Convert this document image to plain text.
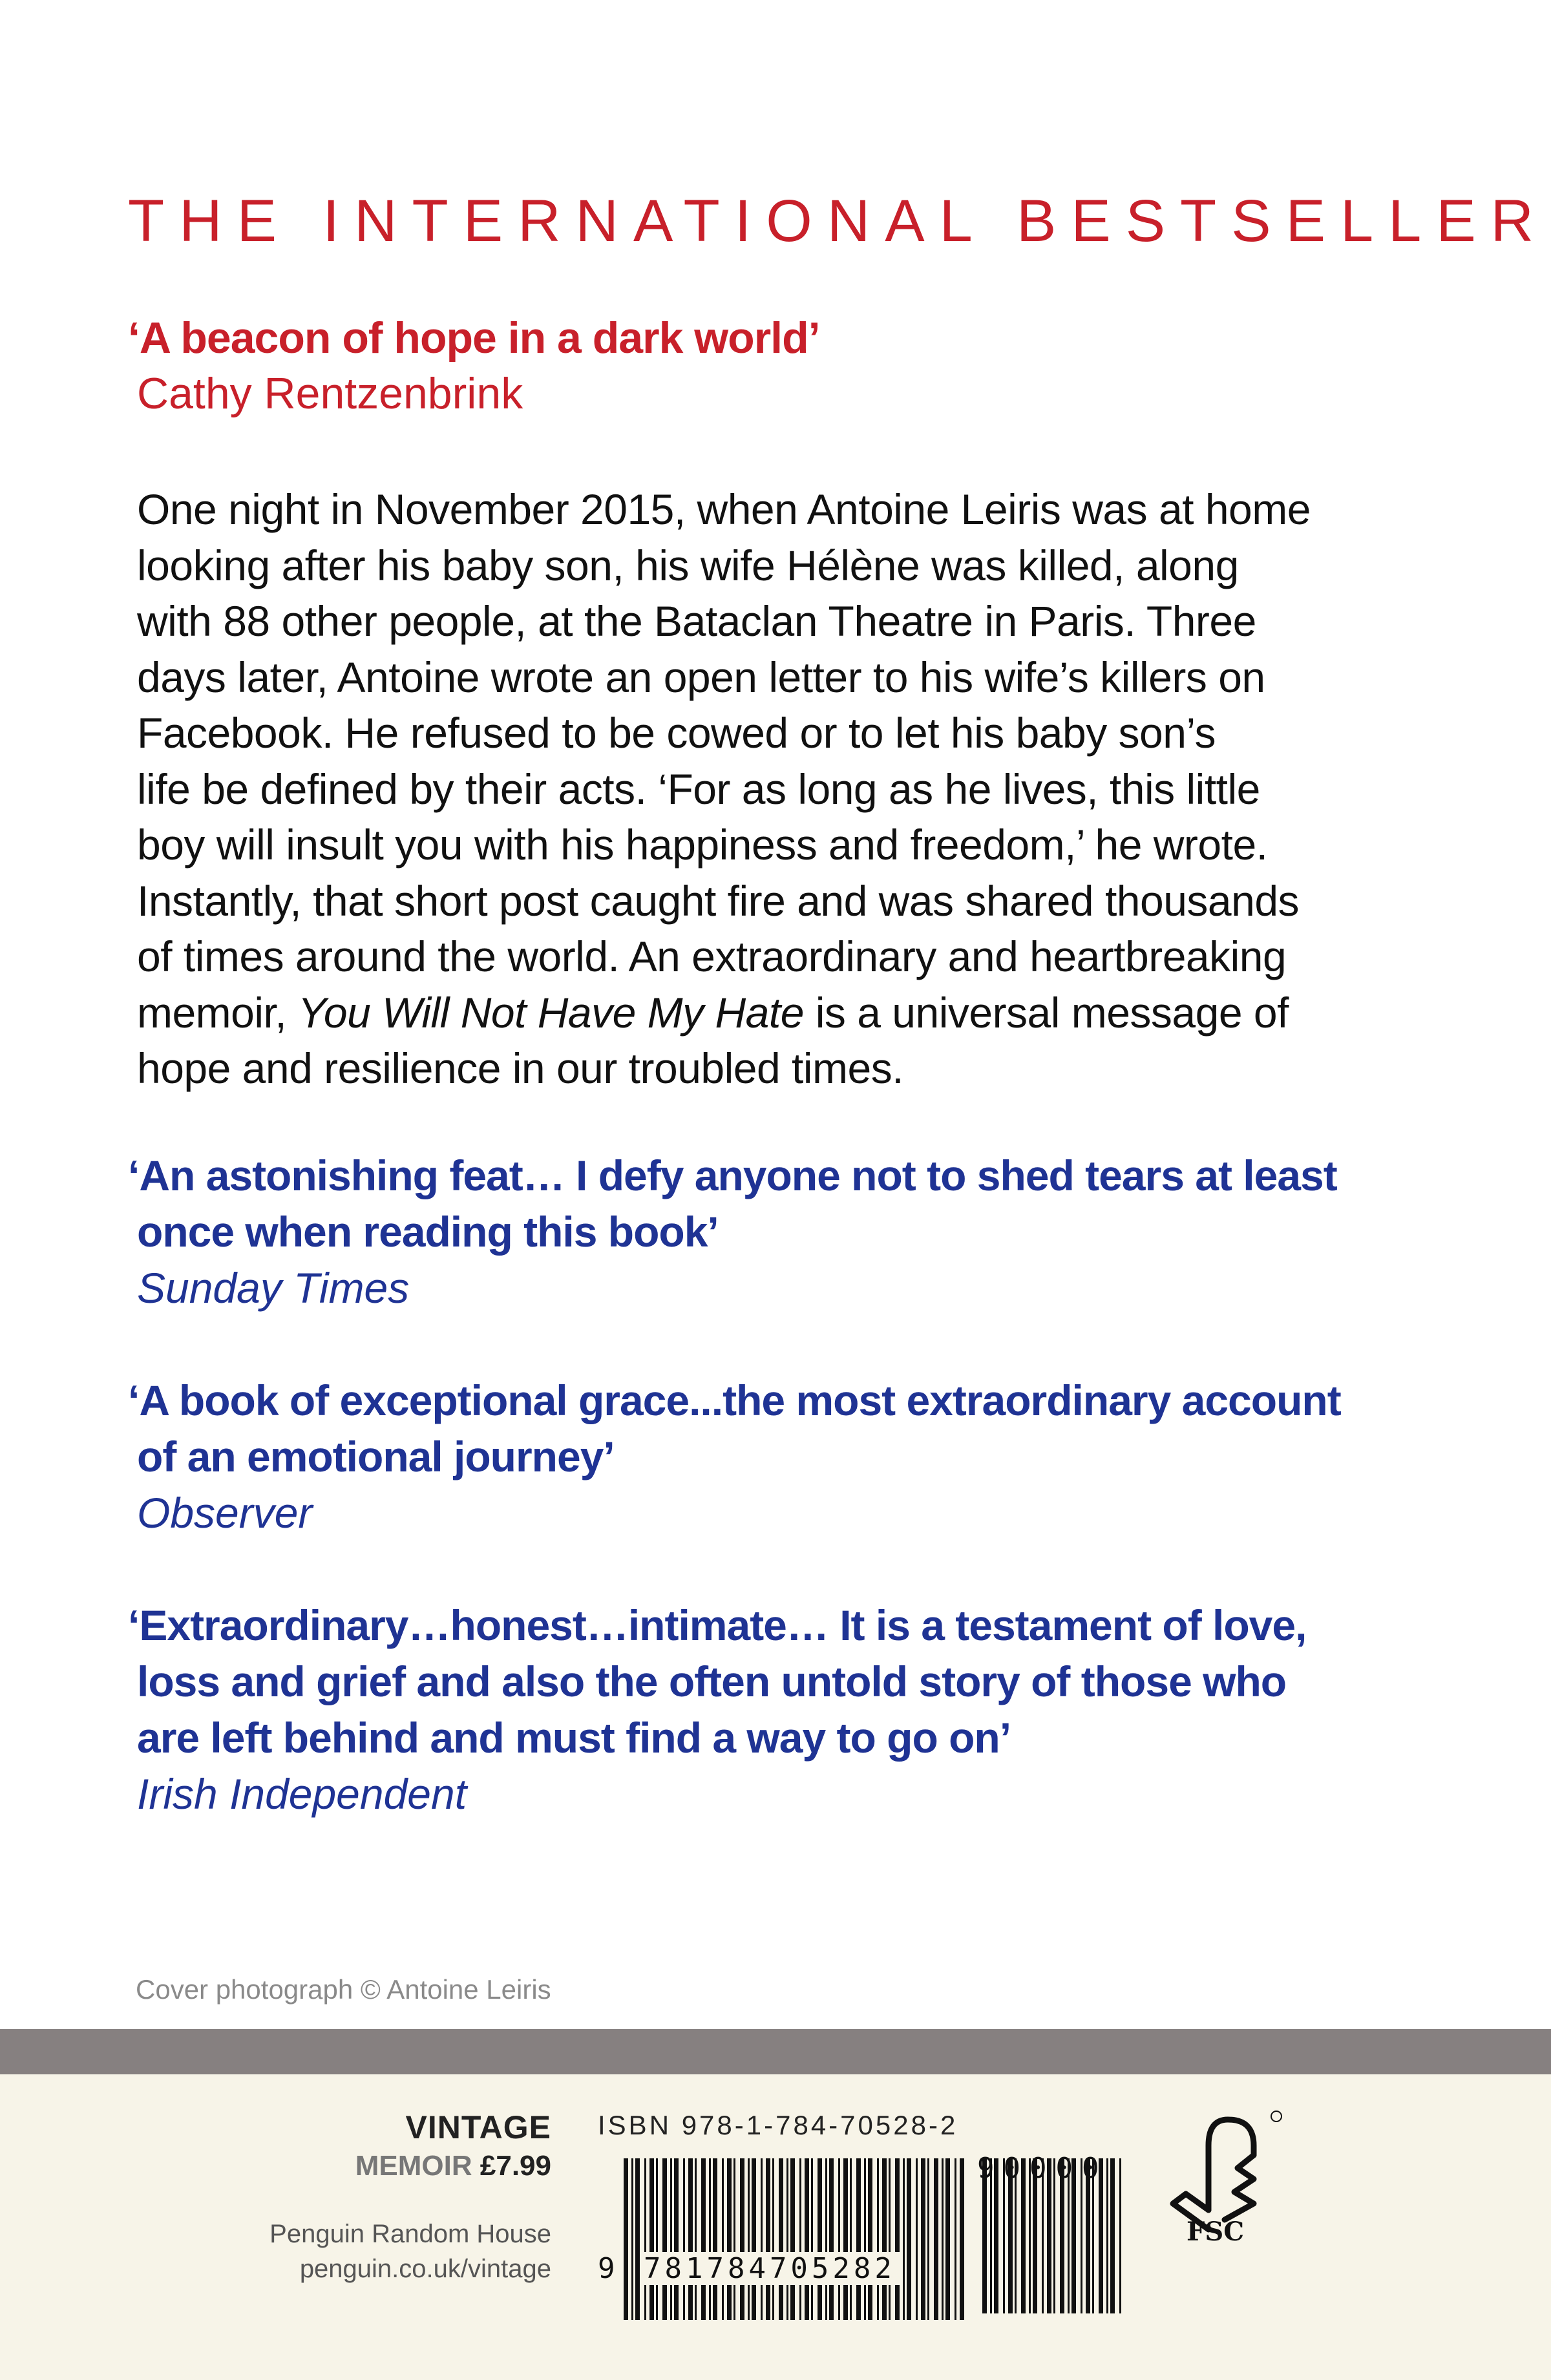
THE INTERNATIONAL BESTSELLER
‘A beacon of hope in a dark world’
Cathy Rentzenbrink

One night in November 2015, when Antoine Leiris was at home

looking after his baby son, his wife Hélène was killed, along

with 88 other people, at the Bataclan Theatre in Paris. Three

days later, Antoine wrote an open letter to his wife’s killers on

Facebook. He refused to be cowed or to let his baby son’s

life be defined by their acts. ‘For as long as he lives, this little

boy will insult you with his happiness and freedom,’ he wrote.

Instantly, that short post caught fire and was shared thousands

of times around the world. An extraordinary and heartbreaking

memoir, You Will Not Have My Hate is a universal message of

hope and resilience in our troubled times.

‘An astonishing feat… I defy anyone not to shed tears at least
once when reading this book’
Sunday Times
‘A book of exceptional grace...the most extraordinary account
of an emotional journey’
Observer
‘Extraordinary…honest…intimate… It is a testament of love,
loss and grief and also the often untold story of those who
are left behind and must find a way to go on’
Irish Independent
Cover photograph © Antoine Leiris
VINTAGE
MEMOIR £7.99
Penguin Random House
penguin.co.uk/vintage
ISBN 978-1-784-70528-2
9 781784705282
90000
FSC
